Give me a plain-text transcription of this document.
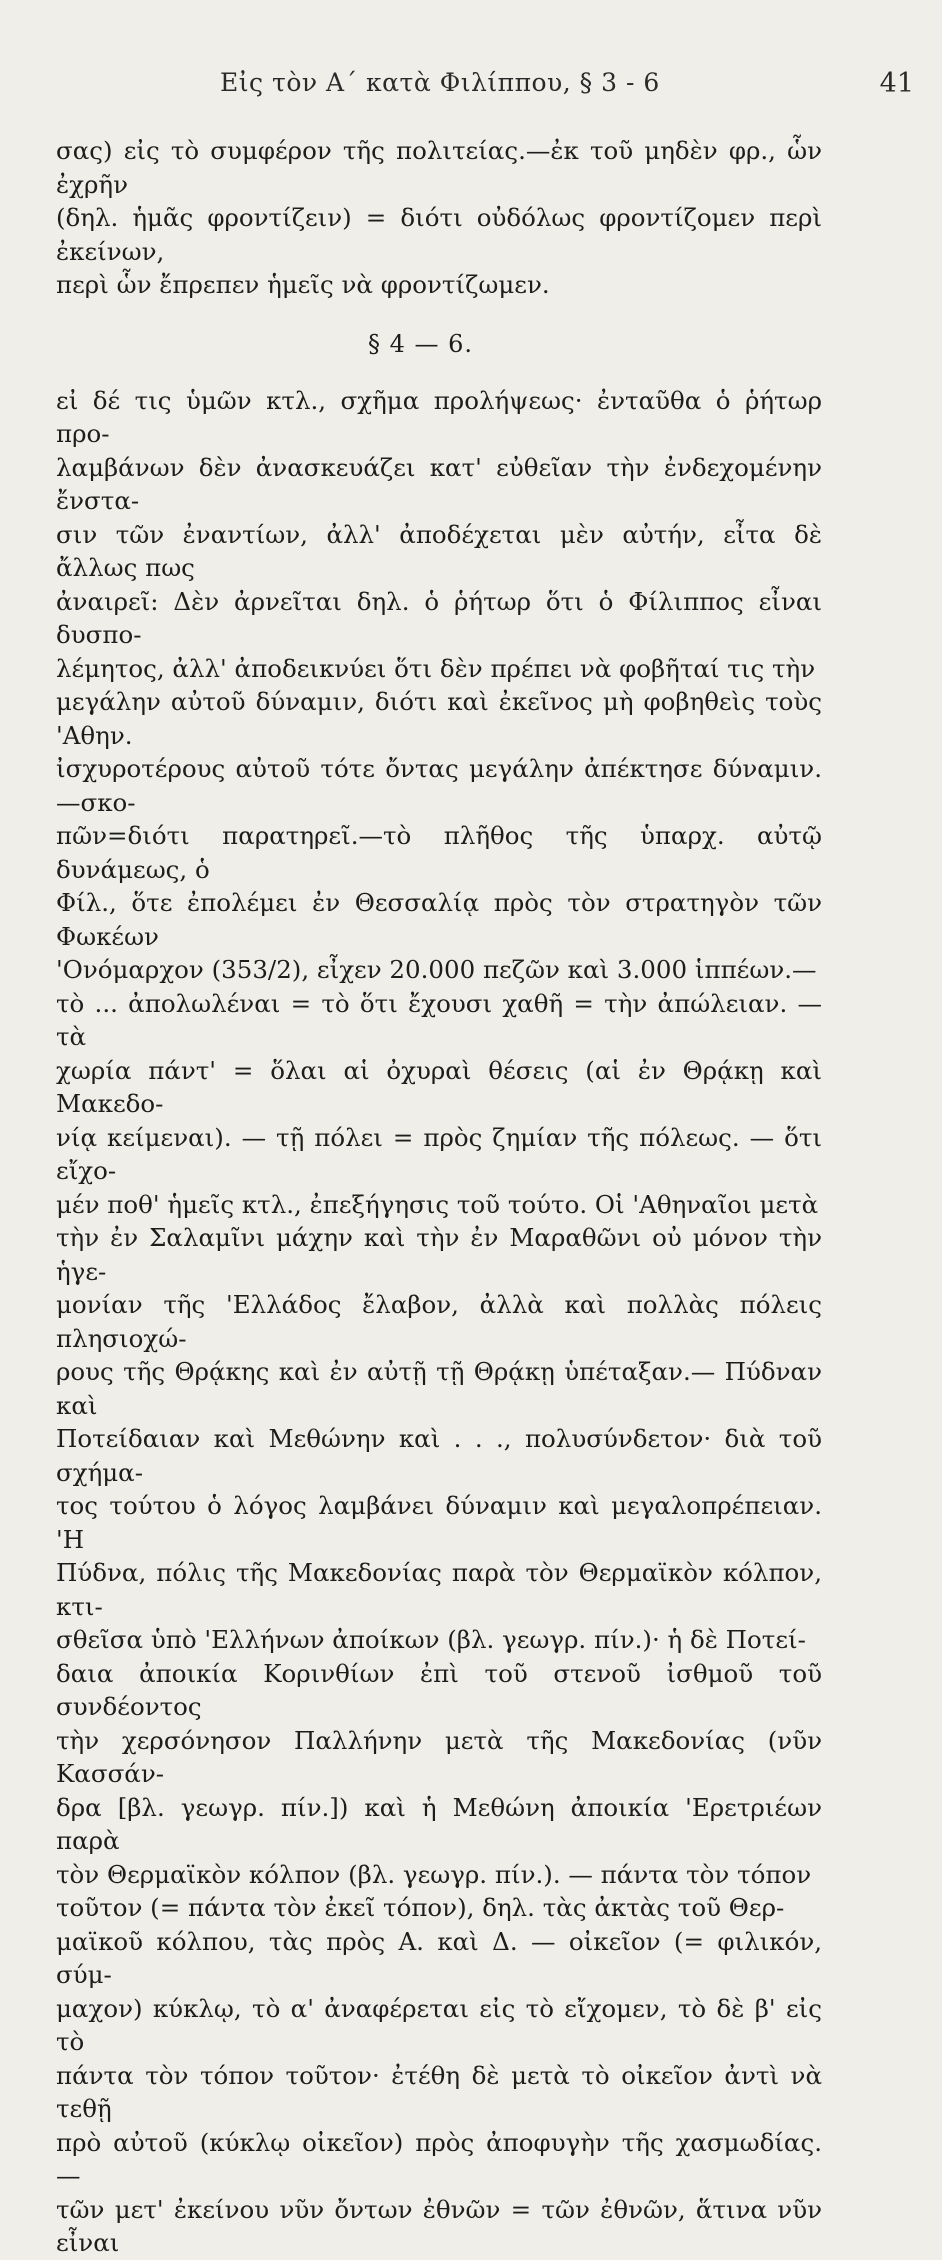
Εἰς τὸν Α΄ κατὰ Φιλίππου, § 3 - 6	41

σας) εἰς τὸ συμφέρον τῆς πολιτείας.—ἐκ τοῦ μηδὲν φρ., ὧν ἐχρῆν
(δηλ. ἡμᾶς φροντίζειν) = διότι οὐδόλως φροντίζομεν περὶ ἐκείνων,
περὶ ὧν ἔπρεπεν ἡμεῖς νὰ φροντίζωμεν.

§ 4 — 6.

εἰ δέ τις ὑμῶν κτλ., σχῆμα προλήψεως· ἐνταῦθα ὁ ῥήτωρ προ-
λαμβάνων δὲν ἀνασκευάζει κατ' εὐθεῖαν τὴν ἐνδεχομένην ἔνστα-
σιν τῶν ἐναντίων, ἀλλ' ἀποδέχεται μὲν αὐτήν, εἶτα δὲ ἄλλως πως
ἀναιρεῖ: Δὲν ἀρνεῖται δηλ. ὁ ῥήτωρ ὅτι ὁ Φίλιππος εἶναι δυσπο-
λέμητος, ἀλλ' ἀποδεικνύει ὅτι δὲν πρέπει νὰ φοβῆταί τις τὴν
μεγάλην αὐτοῦ δύναμιν, διότι καὶ ἐκεῖνος μὴ φοβηθεὶς τοὺς 'Αθην.
ἰσχυροτέρους αὐτοῦ τότε ὄντας μεγάλην ἀπέκτησε δύναμιν.—σκο-
πῶν=διότι παρατηρεῖ.—τὸ πλῆθος τῆς ὑπαρχ. αὐτῷ δυνάμεως, ὁ
Φίλ., ὅτε ἐπολέμει ἐν Θεσσαλίᾳ πρὸς τὸν στρατηγὸν τῶν Φωκέων
'Ονόμαρχον (353/2), εἶχεν 20.000 πεζῶν καὶ 3.000 ἱππέων.—
τὸ ... ἀπολωλέναι = τὸ ὅτι ἔχουσι χαθῆ = τὴν ἀπώλειαν. — τὰ
χωρία πάντ' = ὅλαι αἱ ὀχυραὶ θέσεις (αἱ ἐν Θρᾴκῃ καὶ Μακεδο-
νίᾳ κείμεναι). — τῇ πόλει = πρὸς ζημίαν τῆς πόλεως. — ὅτι εἴχο-
μέν ποθ' ἡμεῖς κτλ., ἐπεξήγησις τοῦ τούτο. Οἱ 'Αθηναῖοι μετὰ
τὴν ἐν Σαλαμῖνι μάχην καὶ τὴν ἐν Μαραθῶνι οὐ μόνον τὴν ἡγε-
μονίαν τῆς 'Ελλάδος ἔλαβον, ἀλλὰ καὶ πολλὰς πόλεις πλησιοχώ-
ρους τῆς Θρᾴκης καὶ ἐν αὐτῇ τῇ Θρᾴκῃ ὑπέταξαν.— Πύδναν καὶ
Ποτείδαιαν καὶ Μεθώνην καὶ . . ., πολυσύνδετον· διὰ τοῦ σχήμα-
τος τούτου ὁ λόγος λαμβάνει δύναμιν καὶ μεγαλοπρέπειαν. 'Η
Πύδνα, πόλις τῆς Μακεδονίας παρὰ τὸν Θερμαϊκὸν κόλπον, κτι-
σθεῖσα ὑπὸ 'Ελλήνων ἀποίκων (βλ. γεωγρ. πίν.)· ἡ δὲ Ποτεί-
δαια ἀποικία Κορινθίων ἐπὶ τοῦ στενοῦ ἰσθμοῦ τοῦ συνδέοντος
τὴν χερσόνησον Παλλήνην μετὰ τῆς Μακεδονίας (νῦν Κασσάν-
δρα [βλ. γεωγρ. πίν.]) καὶ ἡ Μεθώνη ἀποικία 'Ερετριέων παρὰ
τὸν Θερμαϊκὸν κόλπον (βλ. γεωγρ. πίν.). — πάντα τὸν τόπον
τοῦτον (= πάντα τὸν ἐκεῖ τόπον), δηλ. τὰς ἀκτὰς τοῦ Θερ-
μαϊκοῦ κόλπου, τὰς πρὸς Α. καὶ Δ. — οἰκεῖον (= φιλικόν, σύμ-
μαχον) κύκλῳ, τὸ α' ἀναφέρεται εἰς τὸ εἴχομεν, τὸ δὲ β' εἰς τὸ
πάντα τὸν τόπον τοῦτον· ἐτέθη δὲ μετὰ τὸ οἰκεῖον ἀντὶ νὰ τεθῇ
πρὸ αὐτοῦ (κύκλῳ οἰκεῖον) πρὸς ἀποφυγὴν τῆς χασμωδίας. —
τῶν μετ' ἐκείνου νῦν ὄντων ἐθνῶν = τῶν ἐθνῶν, ἅτινα νῦν εἶναι
